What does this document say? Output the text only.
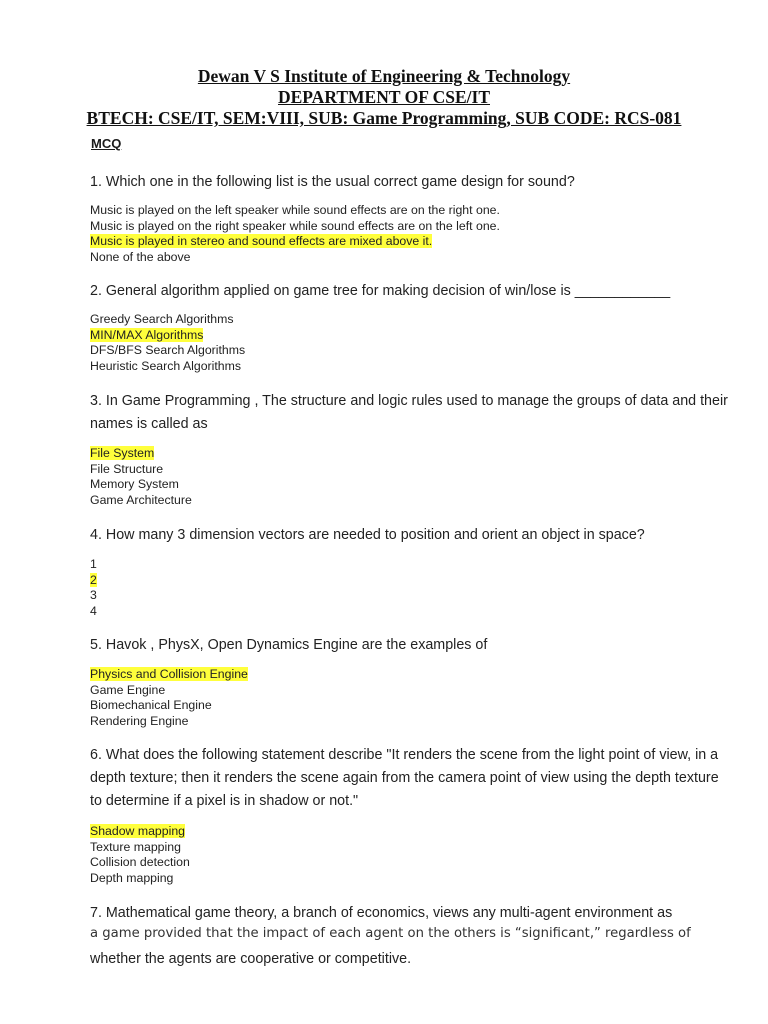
Dewan V S Institute of Engineering & Technology
DEPARTMENT OF CSE/IT
BTECH: CSE/IT, SEM:VIII, SUB: Game Programming, SUB CODE: RCS-081
MCQ
1. Which one in the following list is the usual correct game design for sound?
Music is played on the left speaker while sound effects are on the right one.
Music is played on the right speaker while sound effects are on the left one.
Music is played in stereo and sound effects are mixed above it.
None of the above
2. General algorithm applied on game tree for making decision of win/lose is ____________
Greedy Search Algorithms
MIN/MAX Algorithms
DFS/BFS Search Algorithms
Heuristic Search Algorithms
3. In Game Programming , The structure and logic rules used to manage the groups of data and their names is called as
File System
File Structure
Memory System
Game Architecture
4. How many 3 dimension vectors are needed to position and orient an object in space?
1
2
3
4
5. Havok , PhysX, Open Dynamics Engine are the examples of
Physics and Collision Engine
Game Engine
Biomechanical Engine
Rendering Engine
6. What does the following statement describe "It renders the scene from the light point of view, in a depth texture; then it renders the scene again from the camera point of view using the depth texture to determine if a pixel is in shadow or not."
Shadow mapping
Texture mapping
Collision detection
Depth mapping
7. Mathematical game theory, a branch of economics, views any multi-agent environment as
a game provided that the impact of each agent on the others is “significant,” regardless of
whether the agents are cooperative or competitive.
